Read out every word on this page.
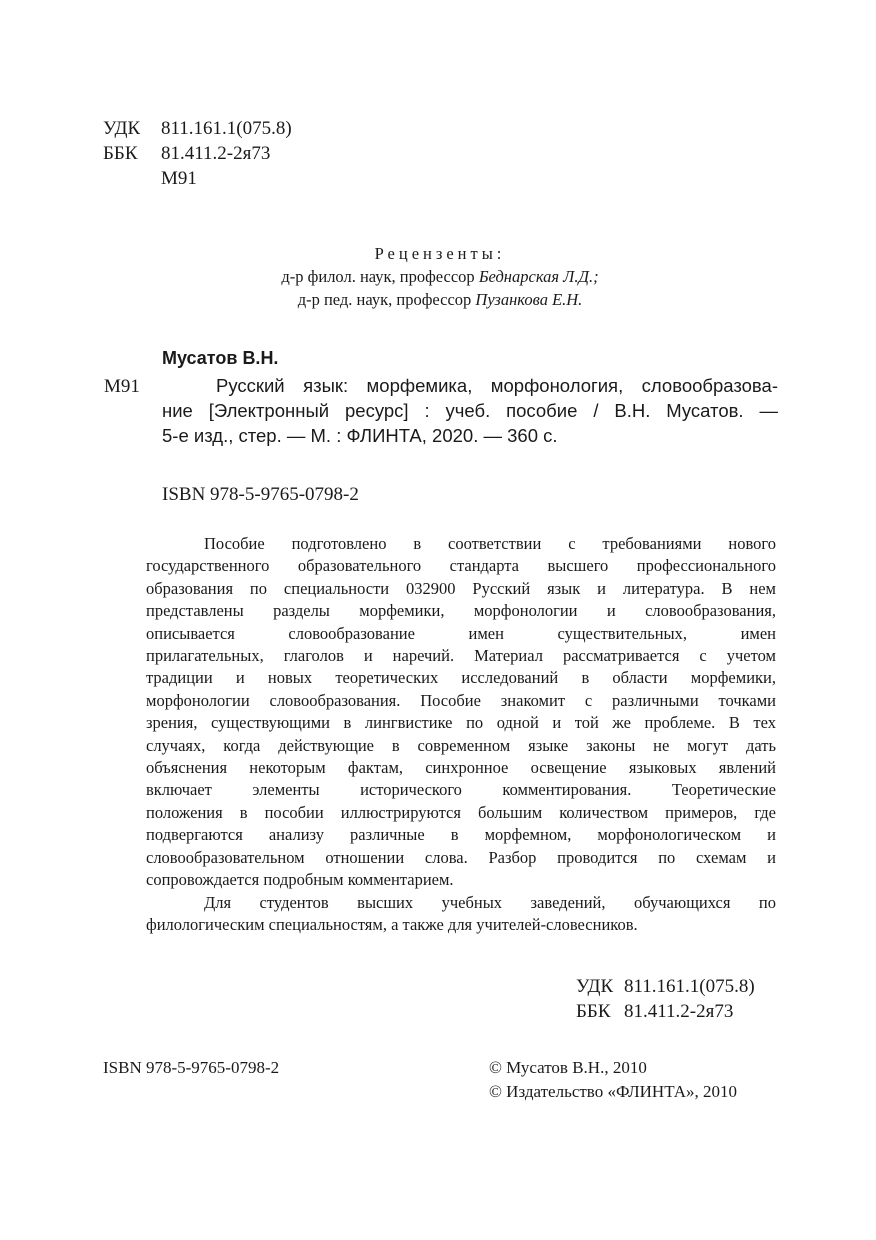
УДК 811.161.1(075.8)
ББК 81.411.2-2я73
М91
Рецензенты:
д-р филол. наук, профессор Беднарская Л.Д.;
д-р пед. наук, профессор Пузанкова Е.Н.
Мусатов В.Н.
М91	Русский язык: морфемика, морфонология, словообразова-

ние [Электронный ресурс] : учеб. пособие / В.Н. Мусатов. —

5-е изд., стер. — М. : ФЛИНТА, 2020. — 360 с.

ISBN 978-5-9765-0798-2
Пособие подготовлено в соответствии с требованиями нового
государственного образовательного стандарта высшего профессионального
образования по специальности 032900 Русский язык и литература. В нем
представлены разделы морфемики, морфонологии и словообразования,
описывается словообразование имен существительных, имен
прилагательных, глаголов и наречий. Материал рассматривается с учетом
традиции и новых теоретических исследований в области морфемики,
морфонологии словообразования. Пособие знакомит с различными точками
зрения, существующими в лингвистике по одной и той же проблеме. В тех
случаях, когда действующие в современном языке законы не могут дать
объяснения некоторым фактам, синхронное освещение языковых явлений
включает элементы исторического комментирования. Теоретические
положения в пособии иллюстрируются большим количеством примеров, где
подвергаются анализу различные в морфемном, морфонологическом и
словообразовательном отношении слова. Разбор проводится по схемам и
сопровождается подробным комментарием.
Для студентов высших учебных заведений, обучающихся по
филологическим специальностям, а также для учителей-словесников.
УДК 811.161.1(075.8)
ББК 81.411.2-2я73
ISBN 978-5-9765-0798-2	© Мусатов В.Н., 2010
© Издательство «ФЛИНТА», 2010
